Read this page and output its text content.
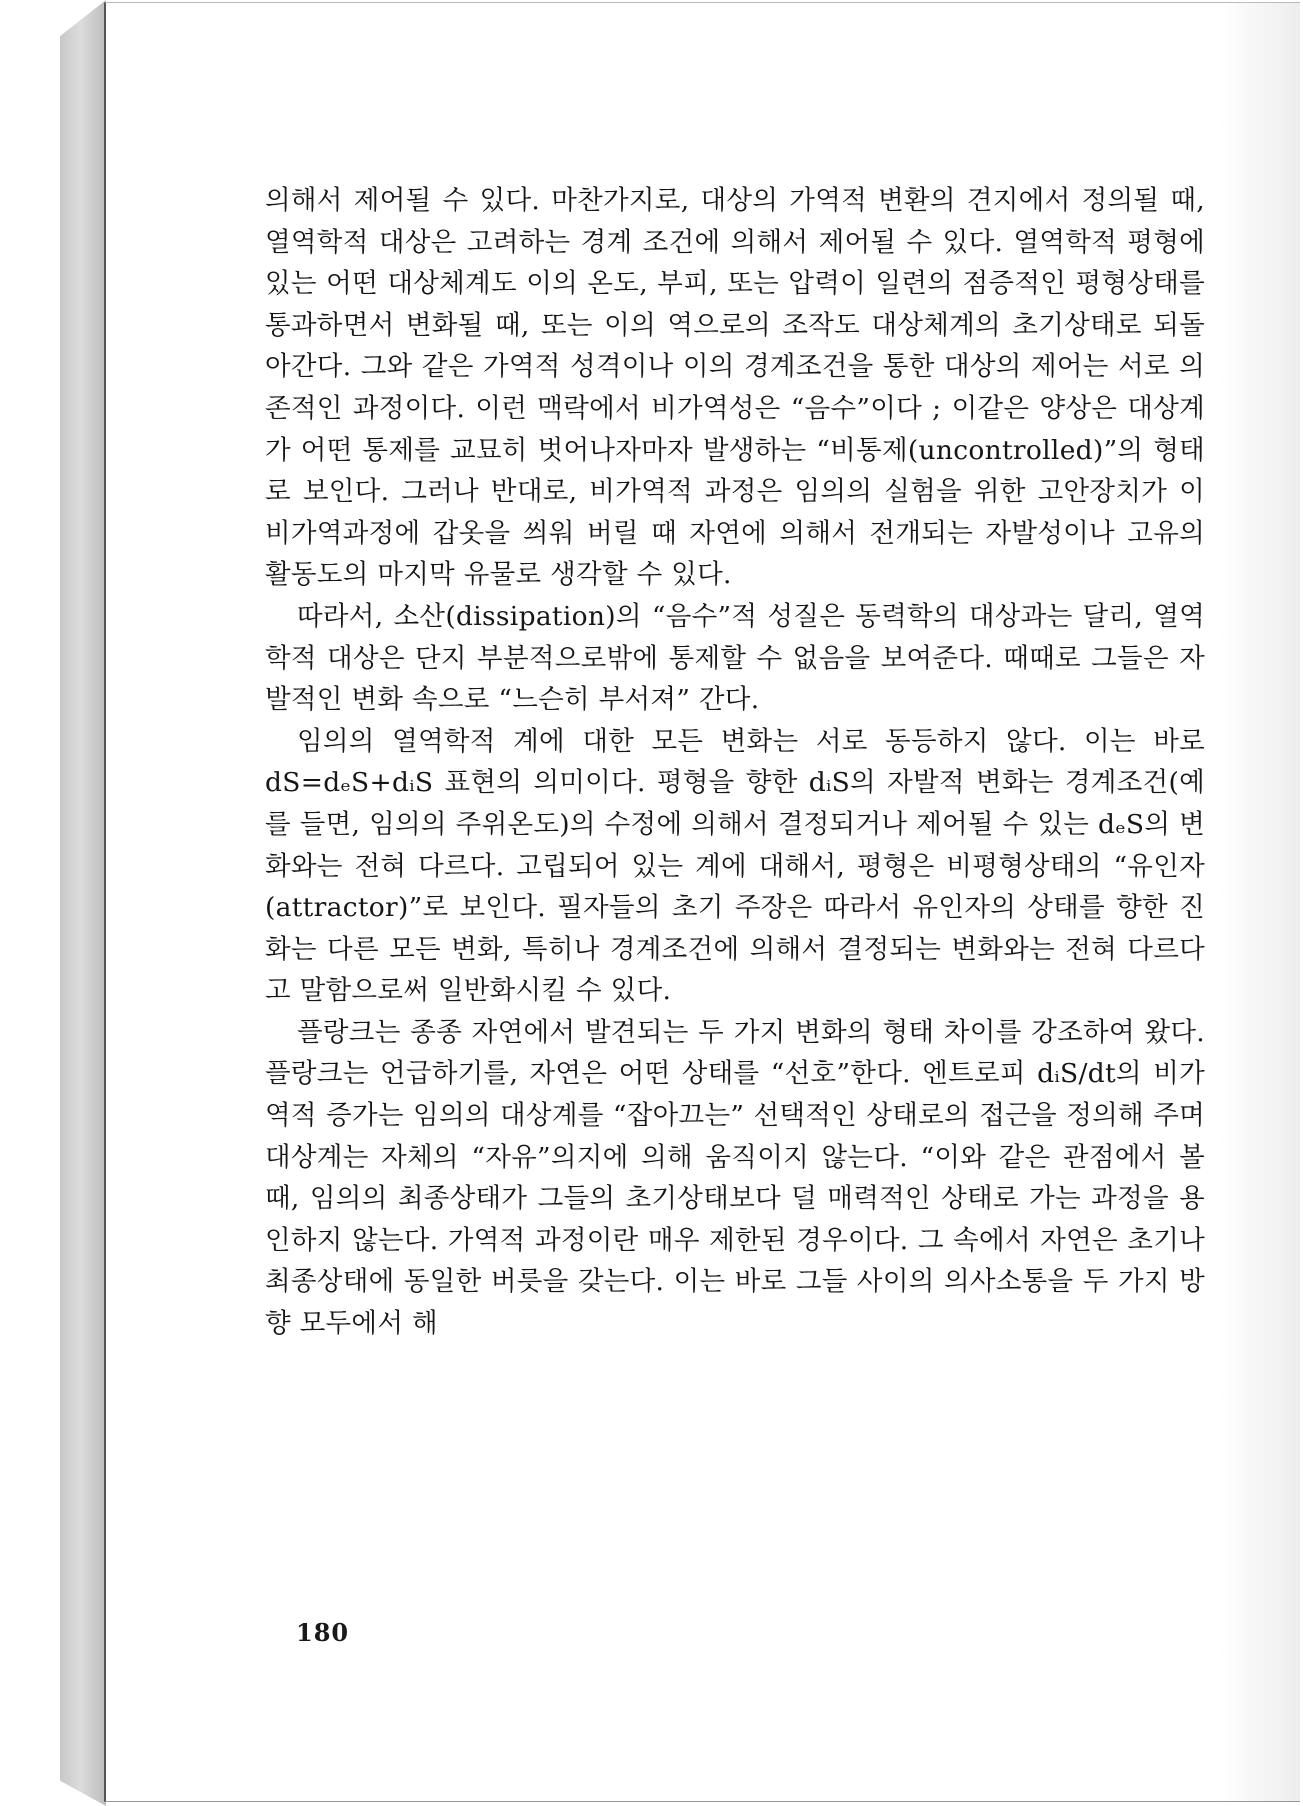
의해서 제어될 수 있다. 마찬가지로, 대상의 가역적 변환의 견지에서 정의될 때, 열역학적 대상은 고려하는 경계 조건에 의해서 제어될 수 있다. 열역학적 평형에 있는 어떤 대상체계도 이의 온도, 부피, 또는 압력이 일련의 점증적인 평형상태를 통과하면서 변화될 때, 또는 이의 역으로의 조작도 대상체계의 초기상태로 되돌아간다. 그와 같은 가역적 성격이나 이의 경계조건을 통한 대상의 제어는 서로 의존적인 과정이다. 이런 맥락에서 비가역성은 “음수”이다 ; 이같은 양상은 대상계가 어떤 통제를 교묘히 벗어나자마자 발생하는 “비통제(uncontrolled)”의 형태로 보인다. 그러나 반대로, 비가역적 과정은 임의의 실험을 위한 고안장치가 이 비가역과정에 갑옷을 씌워 버릴 때 자연에 의해서 전개되는 자발성이나 고유의 활동도의 마지막 유물로 생각할 수 있다.

따라서, 소산(dissipation)의 “음수”적 성질은 동력학의 대상과는 달리, 열역학적 대상은 단지 부분적으로밖에 통제할 수 없음을 보여준다. 때때로 그들은 자발적인 변화 속으로 “느슨히 부서져” 간다.

임의의 열역학적 계에 대한 모든 변화는 서로 동등하지 않다. 이는 바로 dS=dₑS+dᵢS 표현의 의미이다. 평형을 향한 dᵢS의 자발적 변화는 경계조건(예를 들면, 임의의 주위온도)의 수정에 의해서 결정되거나 제어될 수 있는 dₑS의 변화와는 전혀 다르다. 고립되어 있는 계에 대해서, 평형은 비평형상태의 “유인자(attractor)”로 보인다. 필자들의 초기 주장은 따라서 유인자의 상태를 향한 진화는 다른 모든 변화, 특히나 경계조건에 의해서 결정되는 변화와는 전혀 다르다고 말함으로써 일반화시킬 수 있다.

플랑크는 종종 자연에서 발견되는 두 가지 변화의 형태 차이를 강조하여 왔다. 플랑크는 언급하기를, 자연은 어떤 상태를 “선호”한다. 엔트로피 dᵢS/dt의 비가역적 증가는 임의의 대상계를 “잡아끄는” 선택적인 상태로의 접근을 정의해 주며 대상계는 자체의 “자유”의지에 의해 움직이지 않는다. “이와 같은 관점에서 볼 때, 임의의 최종상태가 그들의 초기상태보다 덜 매력적인 상태로 가는 과정을 용인하지 않는다. 가역적 과정이란 매우 제한된 경우이다. 그 속에서 자연은 초기나 최종상태에 동일한 버릇을 갖는다. 이는 바로 그들 사이의 의사소통을 두 가지 방향 모두에서 해

180
